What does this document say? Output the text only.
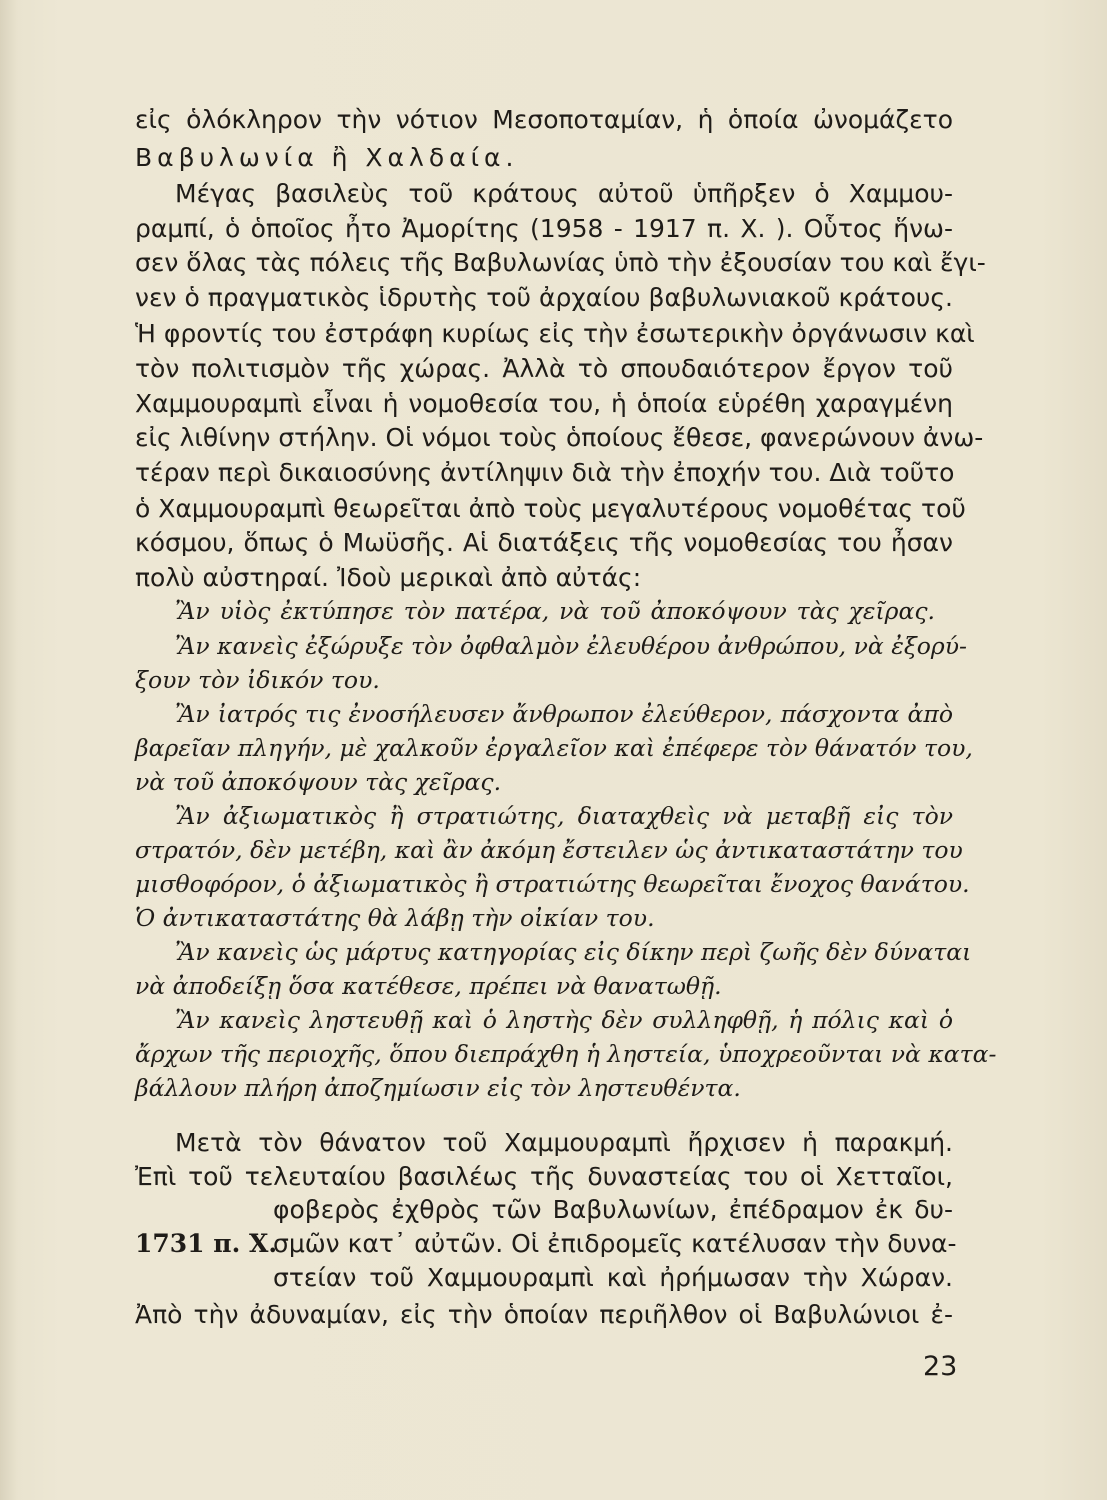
εἰς ὁλόκληρον τὴν νότιον Μεσοποταμίαν, ἡ ὁποία ὠνομάζετο
Βαβυλωνία ἢ Χαλδαία.
Μέγας βασιλεὺς τοῦ κράτους αὐτοῦ ὑπῆρξεν ὁ Χαμμου-
ραμπί, ὁ ὁποῖος ἦτο Ἀμορίτης (1958 - 1917 π. Χ. ). Οὗτος ἥνω-
σεν ὅλας τὰς πόλεις τῆς Βαβυλωνίας ὑπὸ τὴν ἐξουσίαν του καὶ ἔγι-
νεν ὁ πραγματικὸς ἱδρυτὴς τοῦ ἀρχαίου βαβυλωνιακοῦ κράτους.
Ἡ φροντίς του ἐστράφη κυρίως εἰς τὴν ἐσωτερικὴν ὀργάνωσιν καὶ
τὸν πολιτισμὸν τῆς χώρας. Ἀλλὰ τὸ σπουδαιότερον ἔργον τοῦ
Χαμμουραμπὶ εἶναι ἡ νομοθεσία του, ἡ ὁποία εὑρέθη χαραγμένη
εἰς λιθίνην στήλην. Οἱ νόμοι τοὺς ὁποίους ἔθεσε, φανερώνουν ἀνω-
τέραν περὶ δικαιοσύνης ἀντίληψιν διὰ τὴν ἐποχήν του. Διὰ τοῦτο
ὁ Χαμμουραμπὶ θεωρεῖται ἀπὸ τοὺς μεγαλυτέρους νομοθέτας τοῦ
κόσμου, ὅπως ὁ Μωϋσῆς. Αἱ διατάξεις τῆς νομοθεσίας του ἦσαν
πολὺ αὐστηραί. Ἰδοὺ μερικαὶ ἀπὸ αὐτάς:
Ἂν υἱὸς ἐκτύπησε τὸν πατέρα, νὰ τοῦ ἀποκόψουν τὰς χεῖρας.
Ἂν κανεὶς ἐξώρυξε τὸν ὀφθαλμὸν ἐλευθέρου ἀνθρώπου, νὰ ἐξορύ-
ξουν τὸν ἰδικόν του.
Ἂν ἰατρός τις ἐνοσήλευσεν ἄνθρωπον ἐλεύθερον, πάσχοντα ἀπὸ
βαρεῖαν πληγήν, μὲ χαλκοῦν ἐργαλεῖον καὶ ἐπέφερε τὸν θάνατόν του,
νὰ τοῦ ἀποκόψουν τὰς χεῖρας.
Ἂν ἀξιωματικὸς ἢ στρατιώτης, διαταχθεὶς νὰ μεταβῇ εἰς τὸν
στρατόν, δὲν μετέβη, καὶ ἂν ἀκόμη ἔστειλεν ὡς ἀντικαταστάτην του
μισθοφόρον, ὁ ἀξιωματικὸς ἢ στρατιώτης θεωρεῖται ἔνοχος θανάτου.
Ὁ ἀντικαταστάτης θὰ λάβῃ τὴν οἰκίαν του.
Ἂν κανεὶς ὡς μάρτυς κατηγορίας εἰς δίκην περὶ ζωῆς δὲν δύναται
νὰ ἀποδείξῃ ὅσα κατέθεσε, πρέπει νὰ θανατωθῇ.
Ἂν κανεὶς ληστευθῇ καὶ ὁ ληστὴς δὲν συλληφθῇ, ἡ πόλις καὶ ὁ
ἄρχων τῆς περιοχῆς, ὅπου διεπράχθη ἡ ληστεία, ὑποχρεοῦνται νὰ κατα-
βάλλουν πλήρη ἀποζημίωσιν εἰς τὸν ληστευθέντα.
Μετὰ τὸν θάνατον τοῦ Χαμμουραμπὶ ἤρχισεν ἡ παρακμή.
Ἐπὶ τοῦ τελευταίου βασιλέως τῆς δυναστείας του οἱ Χετταῖοι,
φοβερὸς ἐχθρὸς τῶν Βαβυλωνίων, ἐπέδραμον ἐκ δυ-
σμῶν κατ᾽ αὐτῶν. Οἱ ἐπιδρομεῖς κατέλυσαν τὴν δυνα-
στείαν τοῦ Χαμμουραμπὶ καὶ ἠρήμωσαν τὴν Χώραν.
Ἀπὸ τὴν ἀδυναμίαν, εἰς τὴν ὁποίαν περιῆλθον οἱ Βαβυλώνιοι ἐ-
1731 π. Χ.
23
